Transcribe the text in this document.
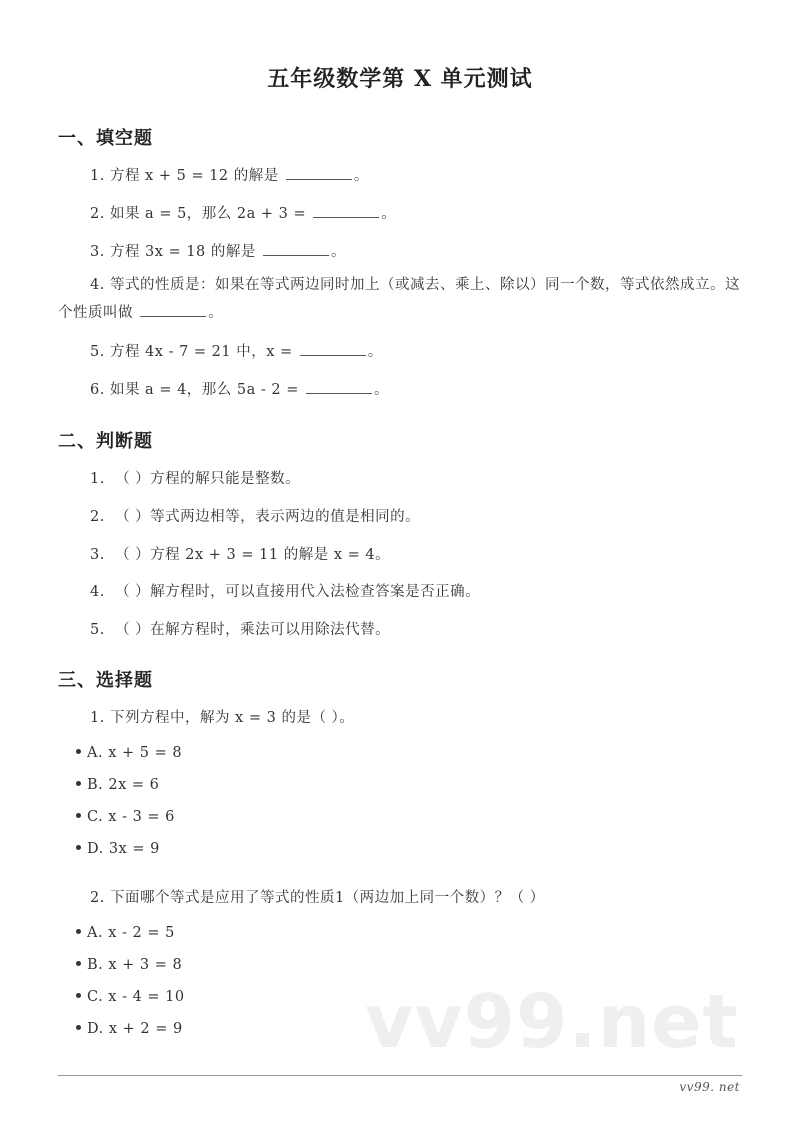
五年级数学第 X 单元测试
一、填空题
1. 方程 x + 5 = 12 的解是	。
2. 如果 a = 5，那么 2a + 3 =	。
3. 方程 3x = 18 的解是	。
4. 等式的性质是：如果在等式两边同时加上（或减去、乘上、除以）同一个数，等式依然成立。这个性质叫做	。
5. 方程 4x - 7 = 21 中，x =	。
6. 如果 a = 4，那么 5a - 2 =	。
二、判断题
1. （ ）方程的解只能是整数。
2. （ ）等式两边相等，表示两边的值是相同的。
3. （ ）方程 2x + 3 = 11 的解是 x = 4。
4. （ ）解方程时，可以直接用代入法检查答案是否正确。
5. （ ）在解方程时，乘法可以用除法代替。
三、选择题
1. 下列方程中，解为 x = 3 的是（ ）。
A. x + 5 = 8
B. 2x = 6
C. x - 3 = 6
D. 3x = 9
2. 下面哪个等式是应用了等式的性质1（两边加上同一个数）？（ ）
A. x - 2 = 5
B. x + 3 = 8
C. x - 4 = 10
D. x + 2 = 9 vv99.net
vv99. net
